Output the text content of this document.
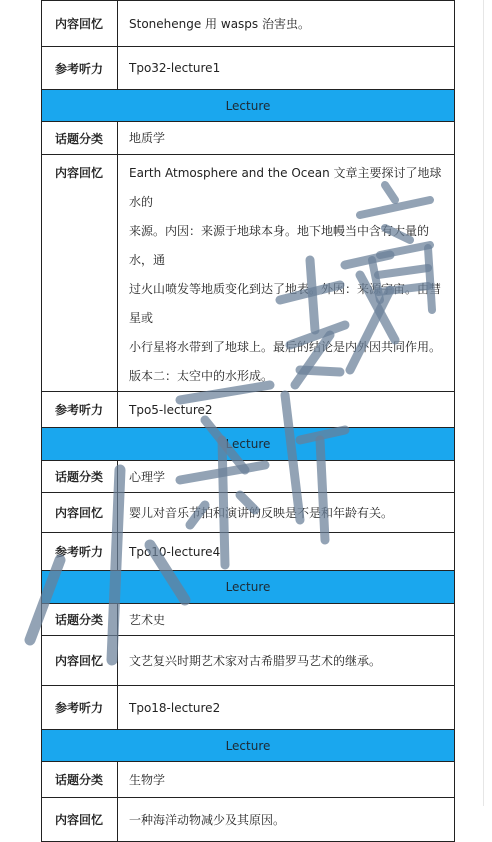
内容回忆	Stonehenge 用 wasps 治害虫。
参考听力	Tpo32-lecture1
Lecture	
话题分类	地质学
内容回忆	Earth Atmosphere and the Ocean 文章主要探讨了地球水的
来源。内因：来源于地球本身。地下地幔当中含有大量的水，通
过火山喷发等地质变化到达了地表。外因：来源宇宙。由彗星或
小行星将水带到了地球上。最后的结论是内外因共同作用。
版本二：太空中的水形成。

参考听力	Tpo5-lecture2
Lecture	
话题分类	心理学
内容回忆	婴儿对音乐节拍和演讲的反映是不是和年龄有关。
参考听力	Tpo10-lecture4
Lecture	
话题分类	艺术史
内容回忆	文艺复兴时期艺术家对古希腊罗马艺术的继承。
参考听力	Tpo18-lecture2
Lecture	
话题分类	生物学
内容回忆	一种海洋动物减少及其原因。
